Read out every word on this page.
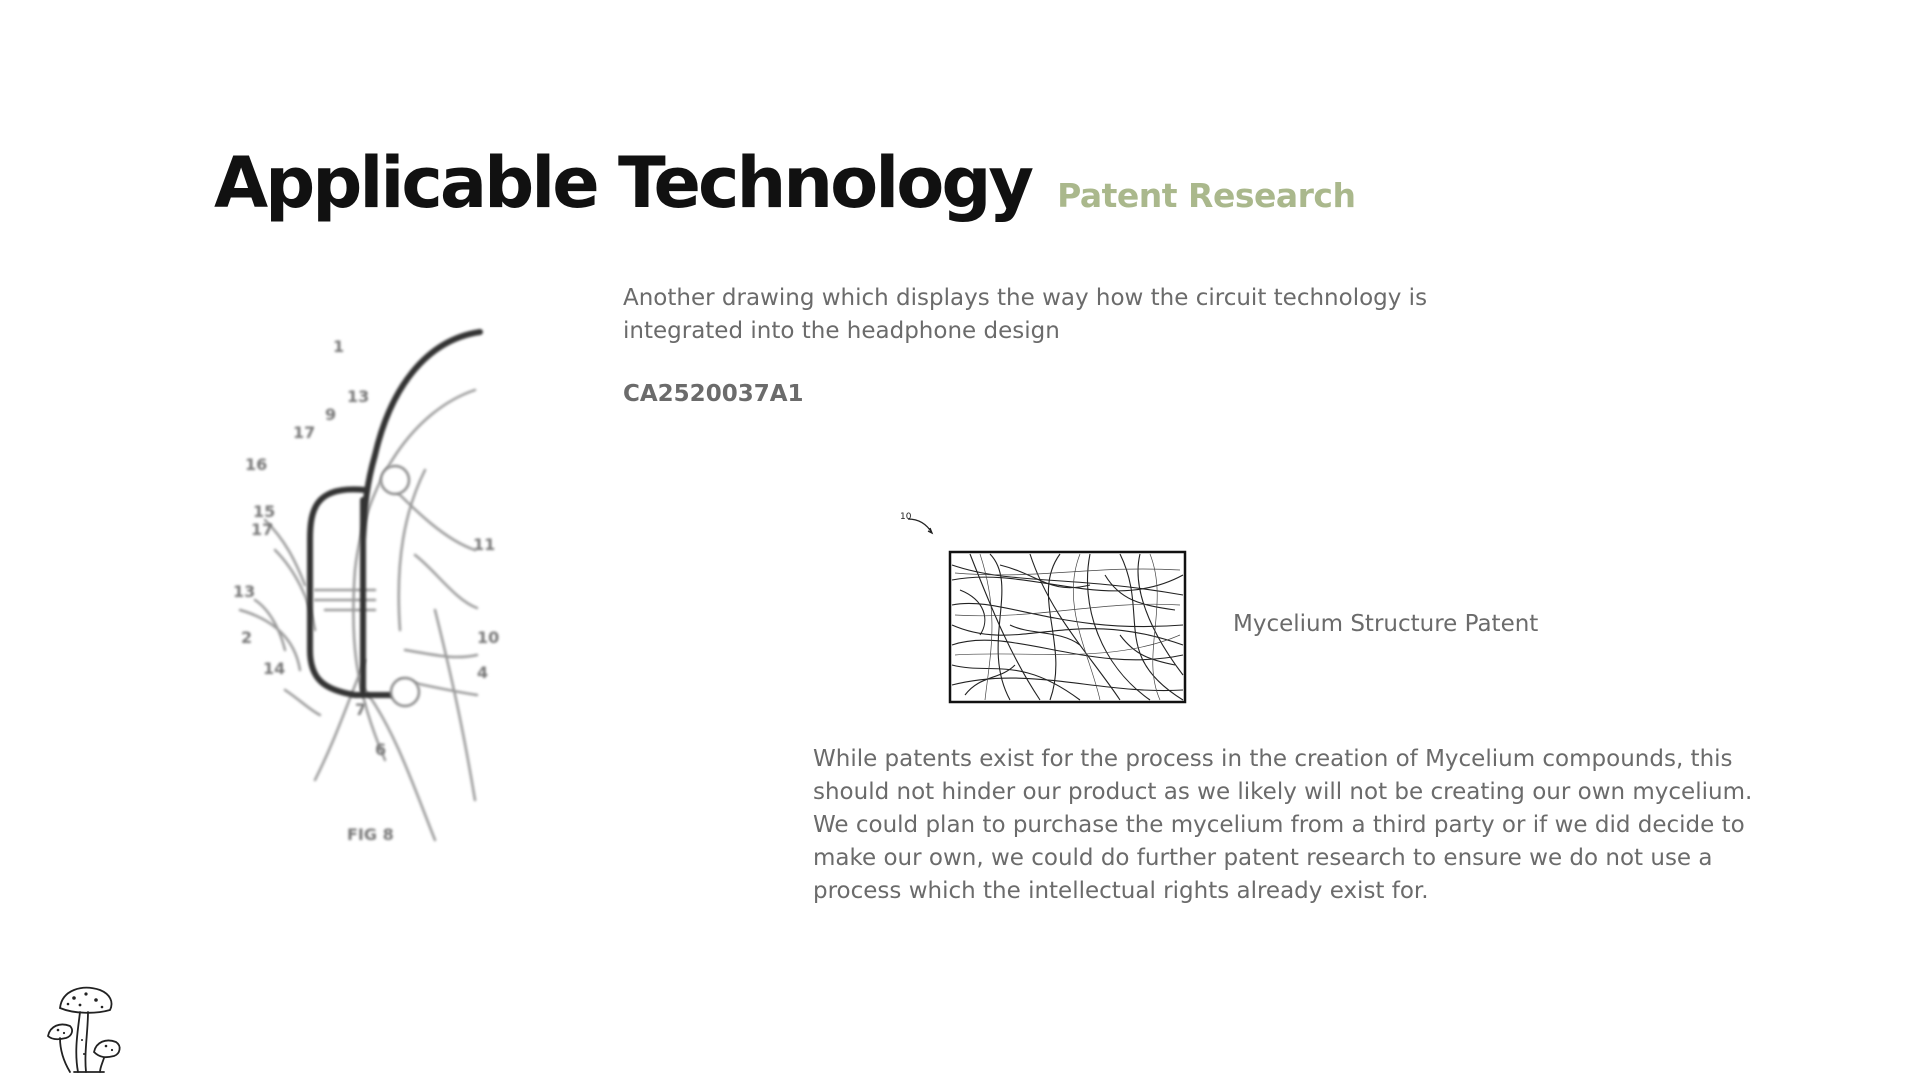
Applicable Technology Patent Research
1
13
9
17
16
15
17
13
2
14
7
6
11
10
4
FIG 8
Another drawing which displays the way how the circuit technology is integrated into the headphone design
CA2520037A1
10
Mycelium Structure Patent
While patents exist for the process in the creation of Mycelium compounds, this should not hinder our product as we likely will not be creating our own mycelium. We could plan to purchase the mycelium from a third party or if we did decide to make our own, we could do further patent research to ensure we do not use a process which the intellectual rights already exist for.
